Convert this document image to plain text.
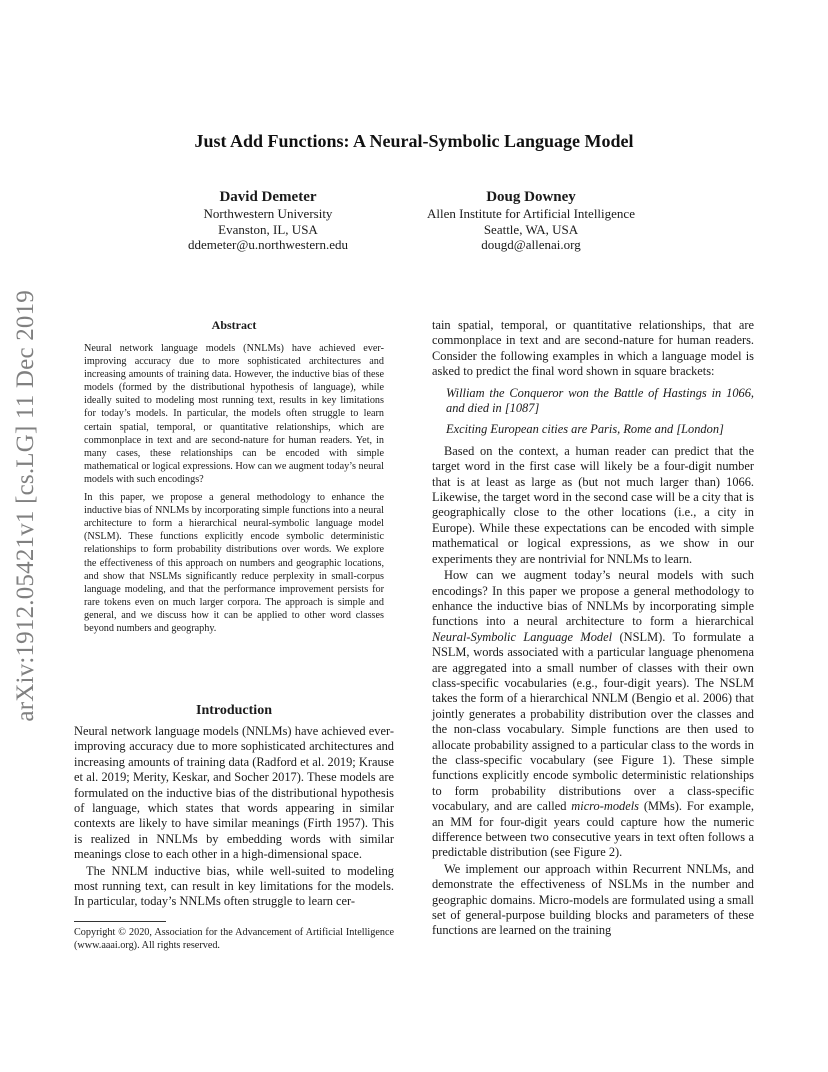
arXiv:1912.05421v1 [cs.LG] 11 Dec 2019
Just Add Functions: A Neural-Symbolic Language Model
David Demeter
Northwestern University
Evanston, IL, USA
ddemeter@u.northwestern.edu
Doug Downey
Allen Institute for Artificial Intelligence
Seattle, WA, USA
dougd@allenai.org
Abstract

Neural network language models (NNLMs) have achieved ever-improving accuracy due to more sophisticated architectures and increasing amounts of training data. However, the inductive bias of these models (formed by the distributional hypothesis of language), while ideally suited to modeling most running text, results in key limitations for today’s models. In particular, the models often struggle to learn certain spatial, temporal, or quantitative relationships, which are commonplace in text and are second-nature for human readers. Yet, in many cases, these relationships can be encoded with simple mathematical or logical expressions. How can we augment today’s neural models with such encodings?

In this paper, we propose a general methodology to enhance the inductive bias of NNLMs by incorporating simple functions into a neural architecture to form a hierarchical neural-symbolic language model (NSLM). These functions explicitly encode symbolic deterministic relationships to form probability distributions over words. We explore the effectiveness of this approach on numbers and geographic locations, and show that NSLMs significantly reduce perplexity in small-corpus language modeling, and that the performance improvement persists for rare tokens even on much larger corpora. The approach is simple and general, and we discuss how it can be applied to other word classes beyond numbers and geography.

Introduction

Neural network language models (NNLMs) have achieved ever-improving accuracy due to more sophisticated architectures and increasing amounts of training data (Radford et al. 2019; Krause et al. 2019; Merity, Keskar, and Socher 2017). These models are formulated on the inductive bias of the distributional hypothesis of language, which states that words appearing in similar contexts are likely to have similar meanings (Firth 1957). This is realized in NNLMs by embedding words with similar meanings close to each other in a high-dimensional space.

The NNLM inductive bias, while well-suited to modeling most running text, can result in key limitations for the models. In particular, today’s NNLMs often struggle to learn cer-

Copyright © 2020, Association for the Advancement of Artificial Intelligence (www.aaai.org). All rights reserved.

tain spatial, temporal, or quantitative relationships, that are commonplace in text and are second-nature for human readers. Consider the following examples in which a language model is asked to predict the final word shown in square brackets:

William the Conqueror won the Battle of Hastings in 1066, and died in [1087]

Exciting European cities are Paris, Rome and [London]

Based on the context, a human reader can predict that the target word in the first case will likely be a four-digit number that is at least as large as (but not much larger than) 1066. Likewise, the target word in the second case will be a city that is geographically close to the other locations (i.e., a city in Europe). While these expectations can be encoded with simple mathematical or logical expressions, as we show in our experiments they are nontrivial for NNLMs to learn.

How can we augment today’s neural models with such encodings? In this paper we propose a general methodology to enhance the inductive bias of NNLMs by incorporating simple functions into a neural architecture to form a hierarchical Neural-Symbolic Language Model (NSLM). To formulate a NSLM, words associated with a particular language phenomena are aggregated into a small number of classes with their own class-specific vocabularies (e.g., four-digit years). The NSLM takes the form of a hierarchical NNLM (Bengio et al. 2006) that jointly generates a probability distribution over the classes and the non-class vocabulary. Simple functions are then used to allocate probability assigned to a particular class to the words in the class-specific vocabulary (see Figure 1). These simple functions explicitly encode symbolic deterministic relationships to form probability distributions over a class-specific vocabulary, and are called micro-models (MMs). For example, an MM for four-digit years could capture how the numeric difference between two consecutive years in text often follows a predictable distribution (see Figure 2).

We implement our approach within Recurrent NNLMs, and demonstrate the effectiveness of NSLMs in the number and geographic domains. Micro-models are formulated using a small set of general-purpose building blocks and parameters of these functions are learned on the training
